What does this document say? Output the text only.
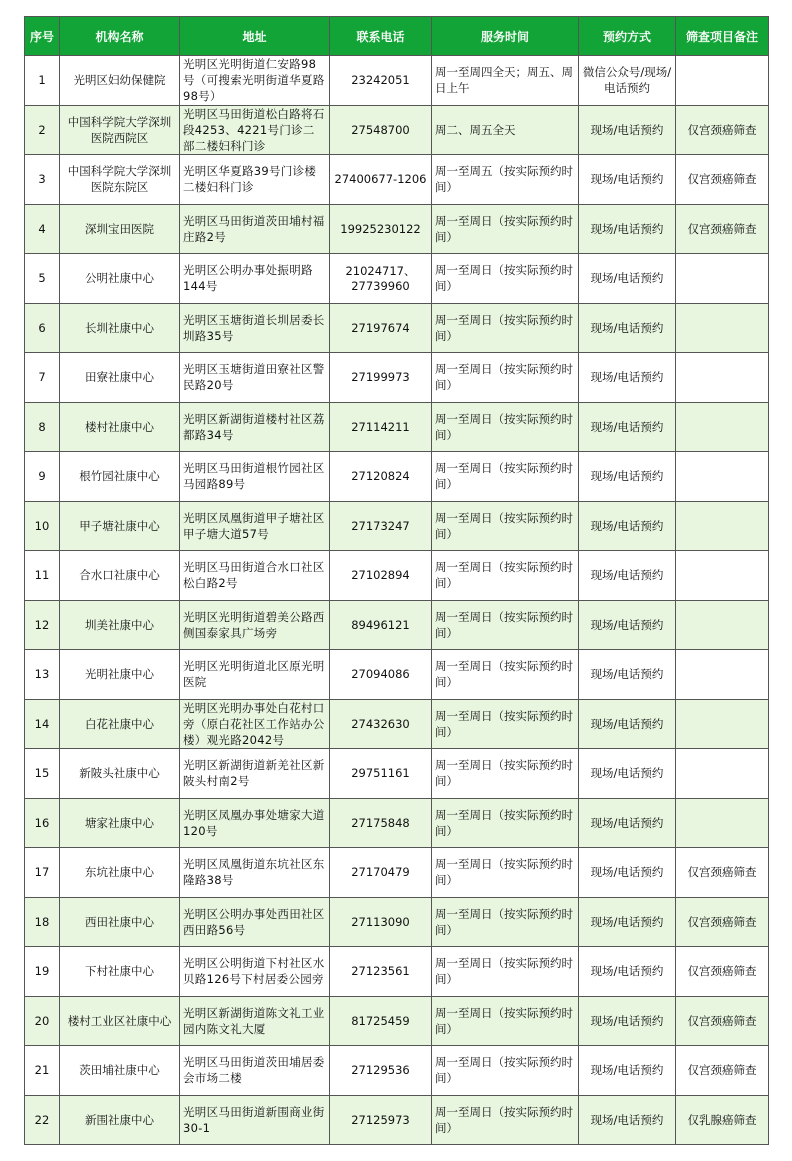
序号	机构名称	地址	联系电话	服务时间	预约方式	筛查项目备注
1	光明区妇幼保健院	光明区光明街道仁安路98号（可搜索光明街道华夏路98号）	23242051	周一至周四全天；周五、周日上午	微信公众号/现场/电话预约	
2	中国科学院大学深圳医院西院区	光明区马田街道松白路将石段4253、4221号门诊二部二楼妇科门诊	27548700	周二、周五全天	现场/电话预约	仅宫颈癌筛查
3	中国科学院大学深圳医院东院区	光明区华夏路39号门诊楼二楼妇科门诊	27400677-1206	周一至周五（按实际预约时间）	现场/电话预约	仅宫颈癌筛查
4	深圳宝田医院	光明区马田街道茨田埔村福庄路2号	19925230122	周一至周日（按实际预约时间）	现场/电话预约	仅宫颈癌筛查
5	公明社康中心	光明区公明办事处振明路144号	21024717、27739960	周一至周日（按实际预约时间）	现场/电话预约	
6	长圳社康中心	光明区玉塘街道长圳居委长圳路35号	27197674	周一至周日（按实际预约时间）	现场/电话预约	
7	田寮社康中心	光明区玉塘街道田寮社区警民路20号	27199973	周一至周日（按实际预约时间）	现场/电话预约	
8	楼村社康中心	光明区新湖街道楼村社区荔都路34号	27114211	周一至周日（按实际预约时间）	现场/电话预约	
9	根竹园社康中心	光明区马田街道根竹园社区马园路89号	27120824	周一至周日（按实际预约时间）	现场/电话预约	
10	甲子塘社康中心	光明区凤凰街道甲子塘社区甲子塘大道57号	27173247	周一至周日（按实际预约时间）	现场/电话预约	
11	合水口社康中心	光明区马田街道合水口社区松白路2号	27102894	周一至周日（按实际预约时间）	现场/电话预约	
12	圳美社康中心	光明区光明街道碧美公路西侧国泰家具广场旁	89496121	周一至周日（按实际预约时间）	现场/电话预约	
13	光明社康中心	光明区光明街道北区原光明医院	27094086	周一至周日（按实际预约时间）	现场/电话预约	
14	白花社康中心	光明区光明办事处白花村口旁（原白花社区工作站办公楼）观光路2042号	27432630	周一至周日（按实际预约时间）	现场/电话预约	
15	新陂头社康中心	光明区新湖街道新羌社区新陂头村南2号	29751161	周一至周日（按实际预约时间）	现场/电话预约	
16	塘家社康中心	光明区凤凰办事处塘家大道120号	27175848	周一至周日（按实际预约时间）	现场/电话预约	
17	东坑社康中心	光明区凤凰街道东坑社区东隆路38号	27170479	周一至周日（按实际预约时间）	现场/电话预约	仅宫颈癌筛查
18	西田社康中心	光明区公明办事处西田社区西田路56号	27113090	周一至周日（按实际预约时间）	现场/电话预约	仅宫颈癌筛查
19	下村社康中心	光明区公明街道下村社区水贝路126号下村居委公园旁	27123561	周一至周日（按实际预约时间）	现场/电话预约	仅宫颈癌筛查
20	楼村工业区社康中心	光明区新湖街道陈文礼工业园内陈文礼大厦	81725459	周一至周日（按实际预约时间）	现场/电话预约	仅宫颈癌筛查
21	茨田埔社康中心	光明区马田街道茨田埔居委会市场二楼	27129536	周一至周日（按实际预约时间）	现场/电话预约	仅宫颈癌筛查
22	新围社康中心	光明区马田街道新围商业街30-1	27125973	周一至周日（按实际预约时间）	现场/电话预约	仅乳腺癌筛查
